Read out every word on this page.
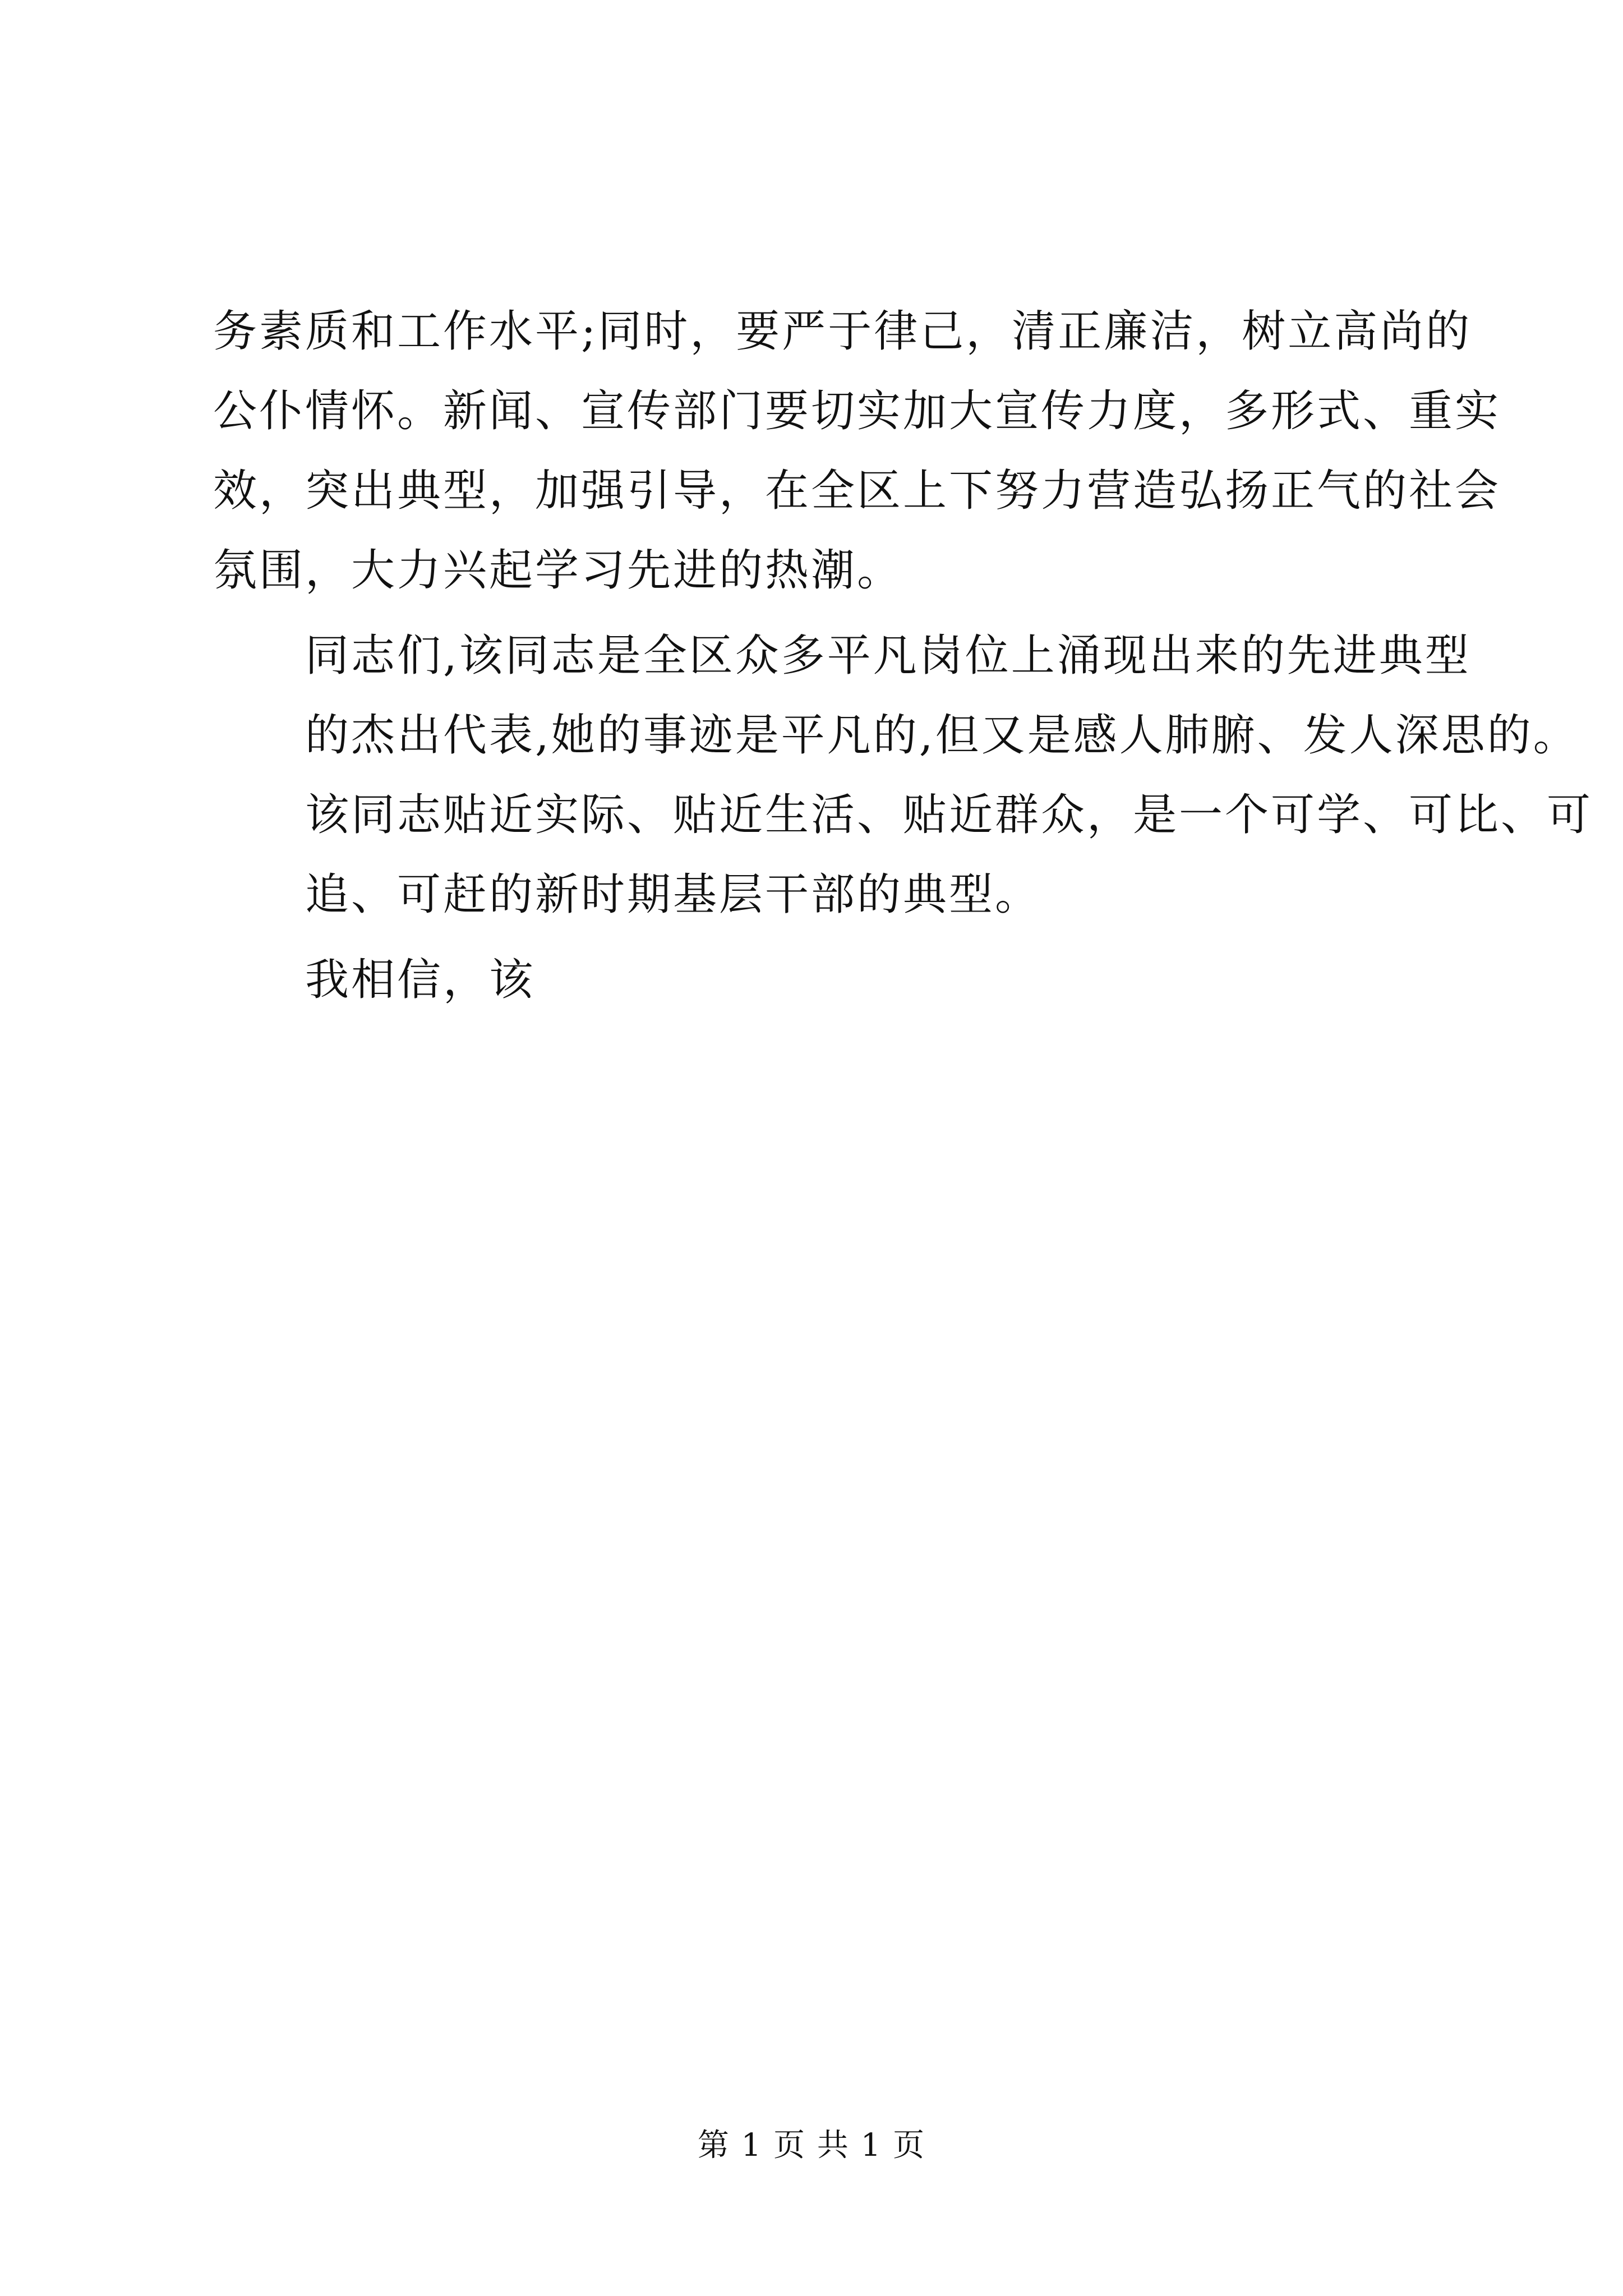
务素质和工作水平;同时，要严于律己，清正廉洁，树立高尚的
公仆情怀。新闻、宣传部门要切实加大宣传力度，多形式、重实
效，突出典型，加强引导，在全区上下努力营造弘扬正气的社会
氛围，大力兴起学习先进的热潮。

同志们,该同志是全区众多平凡岗位上涌现出来的先进典型

的杰出代表,她的事迹是平凡的,但又是感人肺腑、发人深思的。
该同志贴近实际、贴近生活、贴近群众，是一个可学、可比、可
追、可赶的新时期基层干部的典型。

我相信，该

第 1 页 共 1 页
